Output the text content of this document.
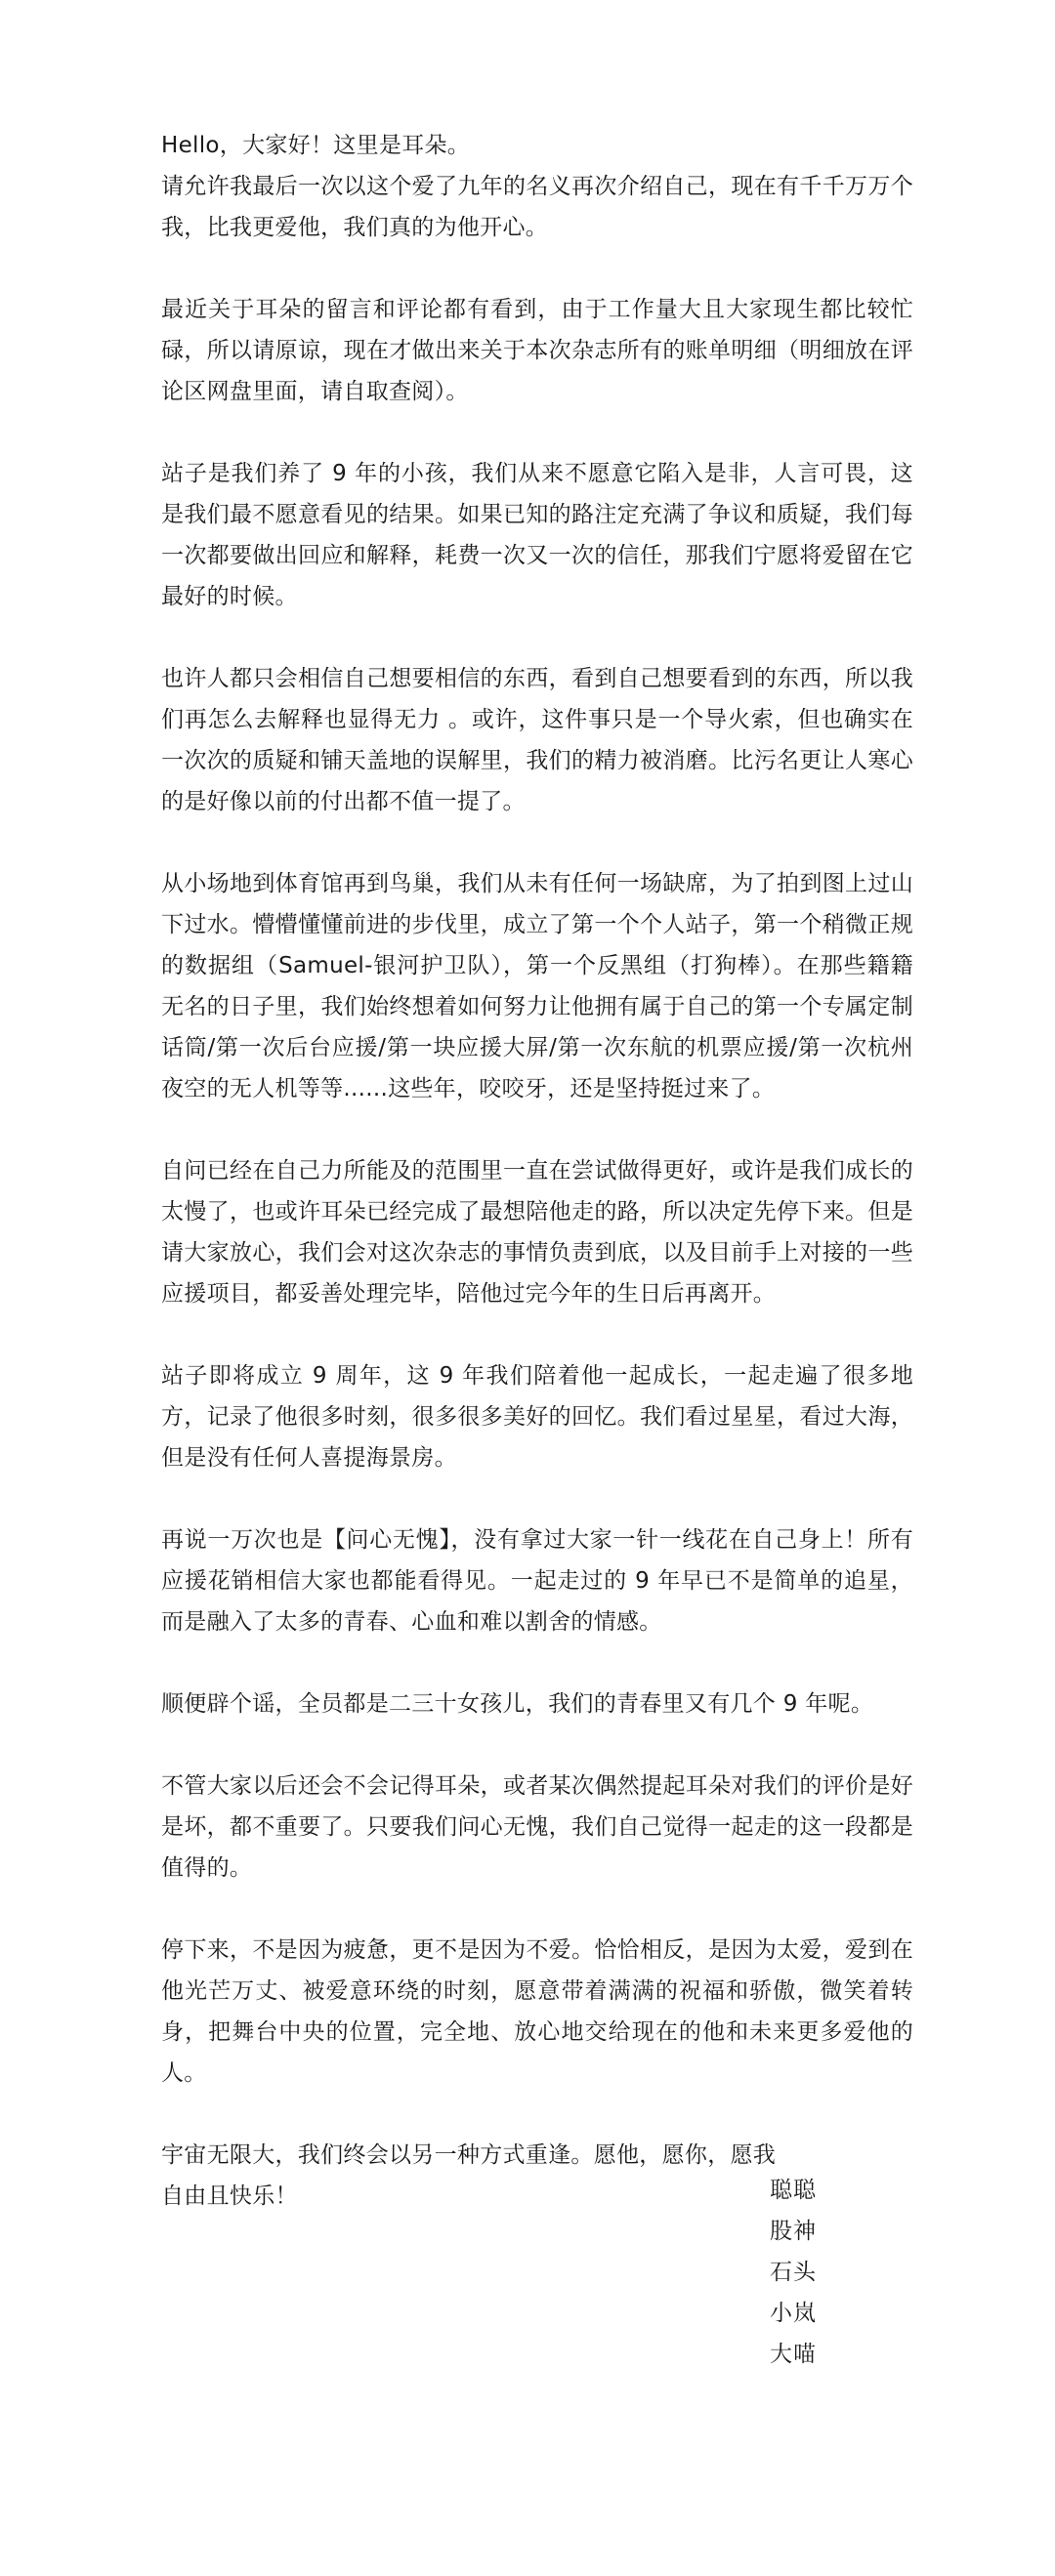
Hello，大家好！这里是耳朵。
请允许我最后一次以这个爱了九年的名义再次介绍自己，现在有千千万万个我，比我更爱他，我们真的为他开心。

最近关于耳朵的留言和评论都有看到，由于工作量大且大家现生都比较忙碌，所以请原谅，现在才做出来关于本次杂志所有的账单明细（明细放在评论区网盘里面，请自取查阅）。

站子是我们养了 9 年的小孩，我们从来不愿意它陷入是非，人言可畏，这是我们最不愿意看见的结果。如果已知的路注定充满了争议和质疑，我们每一次都要做出回应和解释，耗费一次又一次的信任，那我们宁愿将爱留在它最好的时候。

也许人都只会相信自己想要相信的东西，看到自己想要看到的东西，所以我们再怎么去解释也显得无力 。或许，这件事只是一个导火索，但也确实在一次次的质疑和铺天盖地的误解里，我们的精力被消磨。比污名更让人寒心的是好像以前的付出都不值一提了。

从小场地到体育馆再到鸟巢，我们从未有任何一场缺席，为了拍到图上过山下过水。懵懵懂懂前进的步伐里，成立了第一个个人站子，第一个稍微正规的数据组（Samuel-银河护卫队），第一个反黑组（打狗棒）。在那些籍籍无名的日子里，我们始终想着如何努力让他拥有属于自己的第一个专属定制话筒/第一次后台应援/第一块应援大屏/第一次东航的机票应援/第一次杭州夜空的无人机等等......这些年，咬咬牙，还是坚持挺过来了。

自问已经在自己力所能及的范围里一直在尝试做得更好，或许是我们成长的太慢了，也或许耳朵已经完成了最想陪他走的路，所以决定先停下来。但是请大家放心，我们会对这次杂志的事情负责到底，以及目前手上对接的一些应援项目，都妥善处理完毕，陪他过完今年的生日后再离开。

站子即将成立 9 周年，这 9 年我们陪着他一起成长，一起走遍了很多地方，记录了他很多时刻，很多很多美好的回忆。我们看过星星，看过大海，但是没有任何人喜提海景房。

再说一万次也是【问心无愧】，没有拿过大家一针一线花在自己身上！所有应援花销相信大家也都能看得见。一起走过的 9 年早已不是简单的追星，而是融入了太多的青春、心血和难以割舍的情感。

顺便辟个谣，全员都是二三十女孩儿，我们的青春里又有几个 9 年呢。

不管大家以后还会不会记得耳朵，或者某次偶然提起耳朵对我们的评价是好是坏，都不重要了。只要我们问心无愧，我们自己觉得一起走的这一段都是值得的。

停下来，不是因为疲惫，更不是因为不爱。恰恰相反，是因为太爱，爱到在他光芒万丈、被爱意环绕的时刻，愿意带着满满的祝福和骄傲，微笑着转身，把舞台中央的位置，完全地、放心地交给现在的他和未来更多爱他的人。

宇宙无限大，我们终会以另一种方式重逢。愿他，愿你，愿我
自由且快乐！	聪聪
股神
石头
小岚
大喵
